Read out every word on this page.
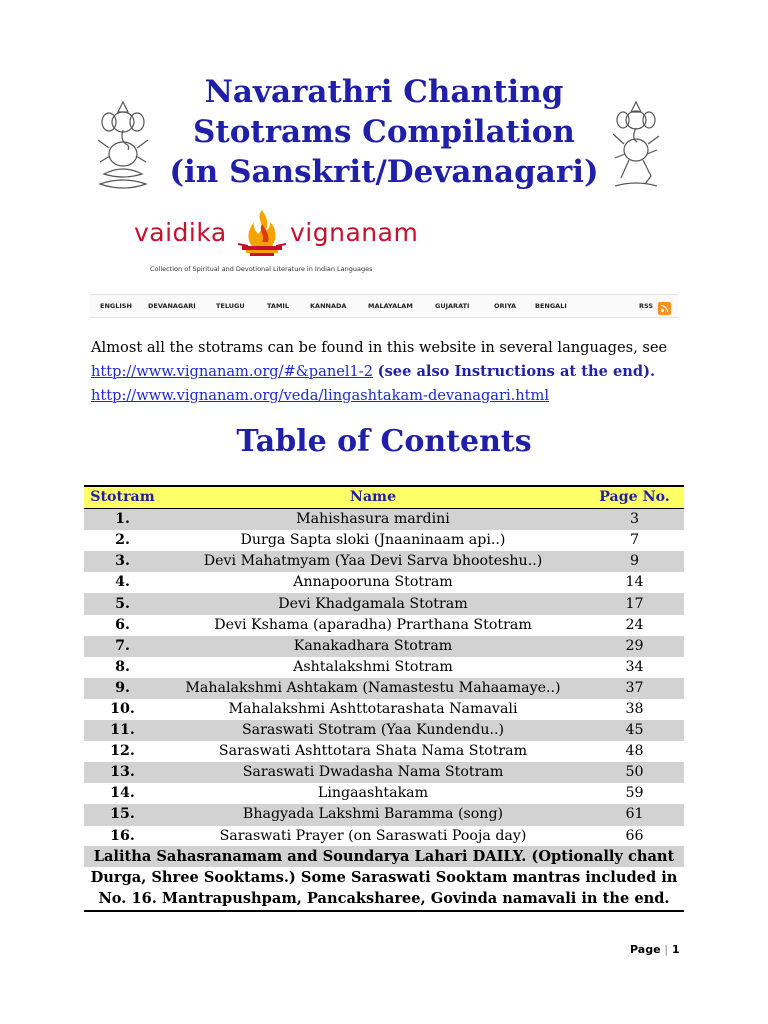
Navarathri Chanting
Stotrams Compilation
(in Sanskrit/Devanagari)
vaidika	vignanam
Collection of Spiritual and Devotional Literature in Indian Languages
ENGLISH DEVANAGARI	TELUGU	TAMIL	KANNADA	MALAYALAM	GUJARATI	ORIYA	BENGALI	RSS
Almost all the stotrams can be found in this website in several languages, see
http://www.vignanam.org/#&panel1-2 (see also Instructions at the end).
http://www.vignanam.org/veda/lingashtakam-devanagari.html
Table of Contents
Stotram	Name	Page No.
1.	Mahishasura mardini	3
2.	Durga Sapta sloki (Jnaaninaam api..)	7
3.	Devi Mahatmyam (Yaa Devi Sarva bhooteshu..)	9
4.	Annapooruna Stotram	14
5.	Devi Khadgamala Stotram	17
6.	Devi Kshama (aparadha) Prarthana Stotram	24
7.	Kanakadhara Stotram	29
8.	Ashtalakshmi Stotram	34
9.	Mahalakshmi Ashtakam (Namastestu Mahaamaye..)	37
10.	Mahalakshmi Ashttotarashata Namavali	38
11.	Saraswati Stotram (Yaa Kundendu..)	45
12.	Saraswati Ashttotara Shata Nama Stotram	48
13.	Saraswati Dwadasha Nama Stotram	50
14.	Lingaashtakam	59
15.	Bhagyada Lakshmi Baramma (song)	61
16.	Saraswati Prayer (on Saraswati Pooja day)	66
Lalitha Sahasranamam and Soundarya Lahari DAILY. (Optionally chant
Durga, Shree Sooktams.) Some Saraswati Sooktam mantras included in
No. 16. Mantrapushpam, Pancaksharee, Govinda namavali in the end.
Page | 1
